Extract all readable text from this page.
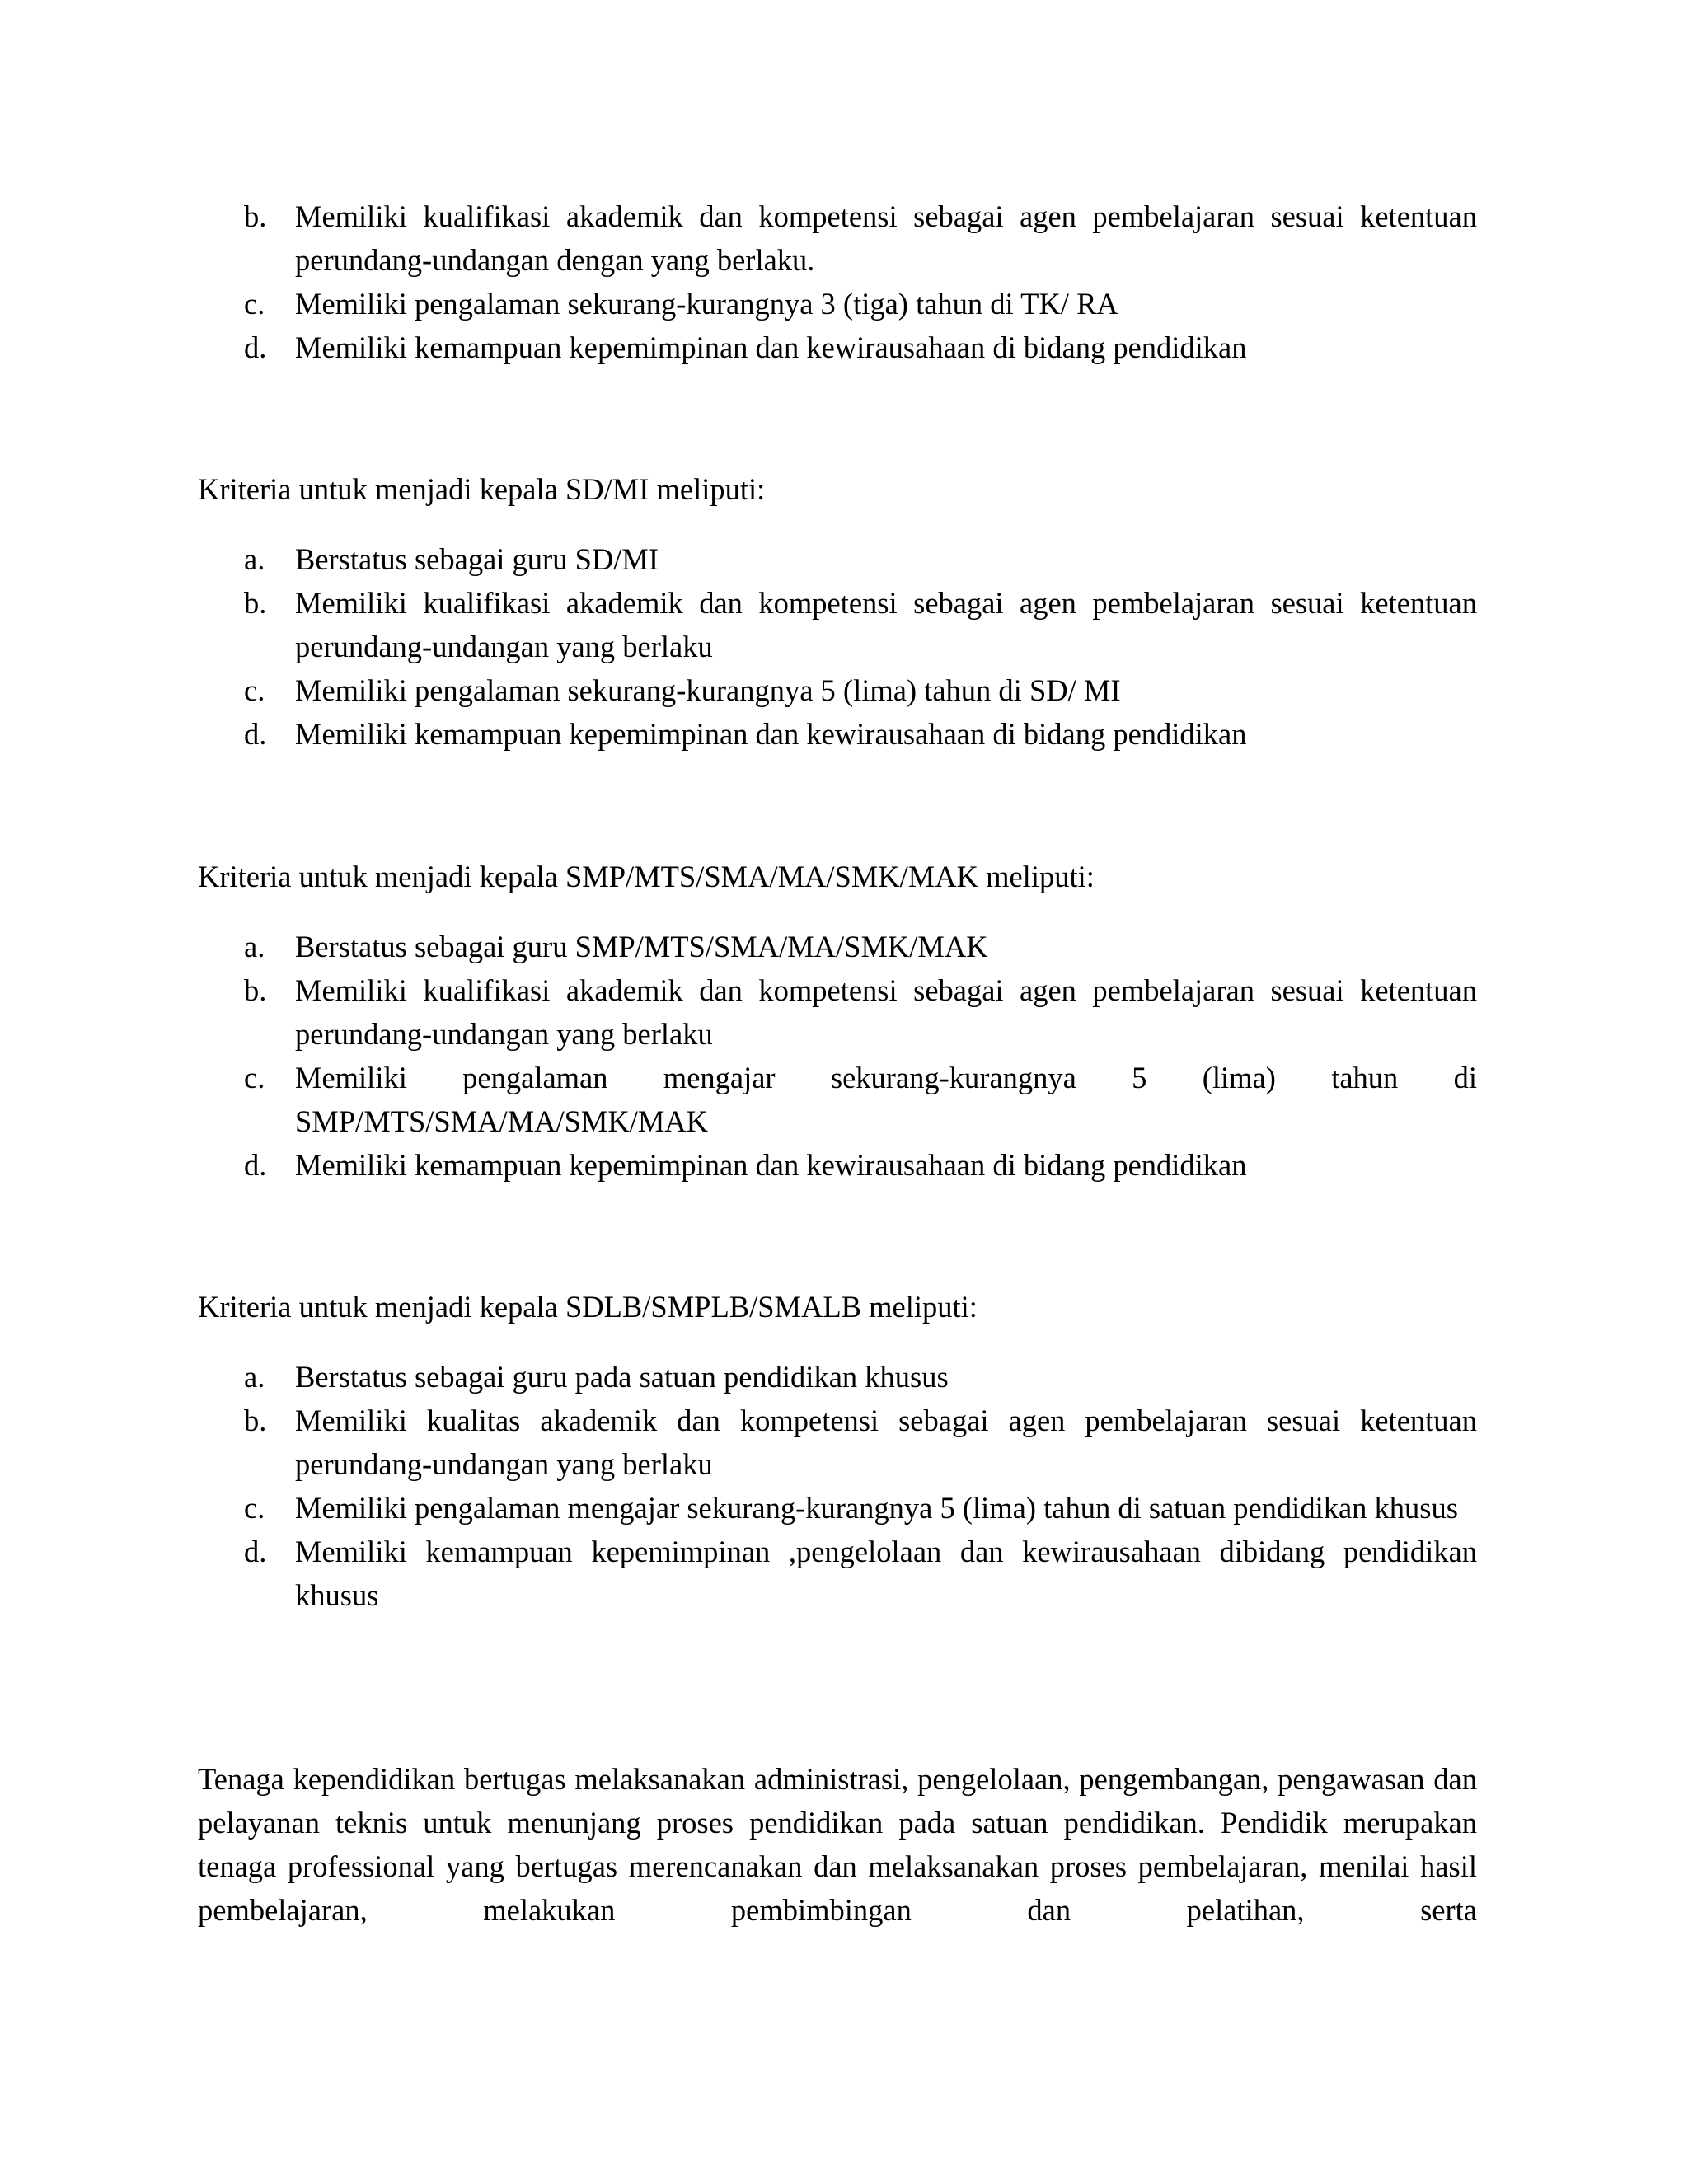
b. Memiliki kualifikasi akademik dan kompetensi sebagai agen pembelajaran sesuai ketentuan perundang-undangan dengan yang berlaku.
c. Memiliki pengalaman sekurang-kurangnya 3 (tiga) tahun di TK/ RA
d. Memiliki kemampuan kepemimpinan dan kewirausahaan di bidang pendidikan

Kriteria untuk menjadi kepala SD/MI meliputi:

a. Berstatus sebagai guru SD/MI
b. Memiliki kualifikasi akademik dan kompetensi sebagai agen pembelajaran sesuai ketentuan perundang-undangan yang berlaku
c. Memiliki pengalaman sekurang-kurangnya 5 (lima) tahun di SD/ MI
d. Memiliki kemampuan kepemimpinan dan kewirausahaan di bidang pendidikan

Kriteria untuk menjadi kepala SMP/MTS/SMA/MA/SMK/MAK meliputi:

a. Berstatus sebagai guru SMP/MTS/SMA/MA/SMK/MAK
b. Memiliki kualifikasi akademik dan kompetensi sebagai agen pembelajaran sesuai ketentuan perundang-undangan yang berlaku
c. Memiliki pengalaman mengajar sekurang-kurangnya 5 (lima) tahun di SMP/MTS/SMA/MA/SMK/MAK
d. Memiliki kemampuan kepemimpinan dan kewirausahaan di bidang pendidikan

Kriteria untuk menjadi kepala SDLB/SMPLB/SMALB meliputi:

a. Berstatus sebagai guru pada satuan pendidikan khusus
b. Memiliki kualitas akademik dan kompetensi sebagai agen pembelajaran sesuai ketentuan perundang-undangan yang berlaku
c. Memiliki pengalaman mengajar sekurang-kurangnya 5 (lima) tahun di satuan pendidikan khusus
d. Memiliki kemampuan kepemimpinan ,pengelolaan dan kewirausahaan dibidang pendidikan khusus

Tenaga kependidikan bertugas melaksanakan administrasi, pengelolaan, pengembangan, pengawasan dan pelayanan teknis untuk menunjang proses pendidikan pada satuan pendidikan. Pendidik merupakan tenaga professional yang bertugas merencanakan dan melaksanakan proses pembelajaran, menilai hasil pembelajaran, melakukan pembimbingan dan pelatihan, serta
